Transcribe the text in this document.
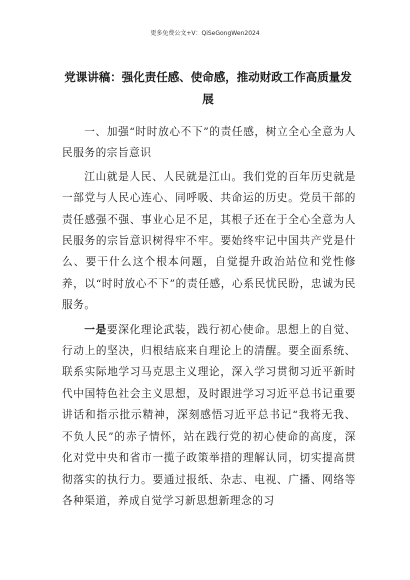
更多免费公文+V：QiSeGongWen2024
党课讲稿：强化责任感、使命感，推动财政工作高质量发展

一、加强“时时放心不下”的责任感，树立全心全意为人民服务的宗旨意识

江山就是人民、人民就是江山。我们党的百年历史就是一部党与人民心连心、同呼吸、共命运的历史。党员干部的责任感强不强、事业心足不足，其根子还在于全心全意为人民服务的宗旨意识树得牢不牢。要始终牢记中国共产党是什么、要干什么这个根本问题，自觉提升政治站位和党性修养，以“时时放心不下”的责任感，心系民忧民盼，忠诚为民服务。

一是要深化理论武装，践行初心使命。思想上的自觉、行动上的坚决，归根结底来自理论上的清醒。要全面系统、联系实际地学习马克思主义理论，深入学习贯彻习近平新时代中国特色社会主义思想，及时跟进学习习近平总书记重要讲话和指示批示精神，深刻感悟习近平总书记“我将无我、不负人民”的赤子情怀，站在践行党的初心使命的高度，深化对党中央和省市一揽子政策举措的理解认同，切实提高贯彻落实的执行力。要通过报纸、杂志、电视、广播、网络等各种渠道，养成自觉学习新思想新理念的习
